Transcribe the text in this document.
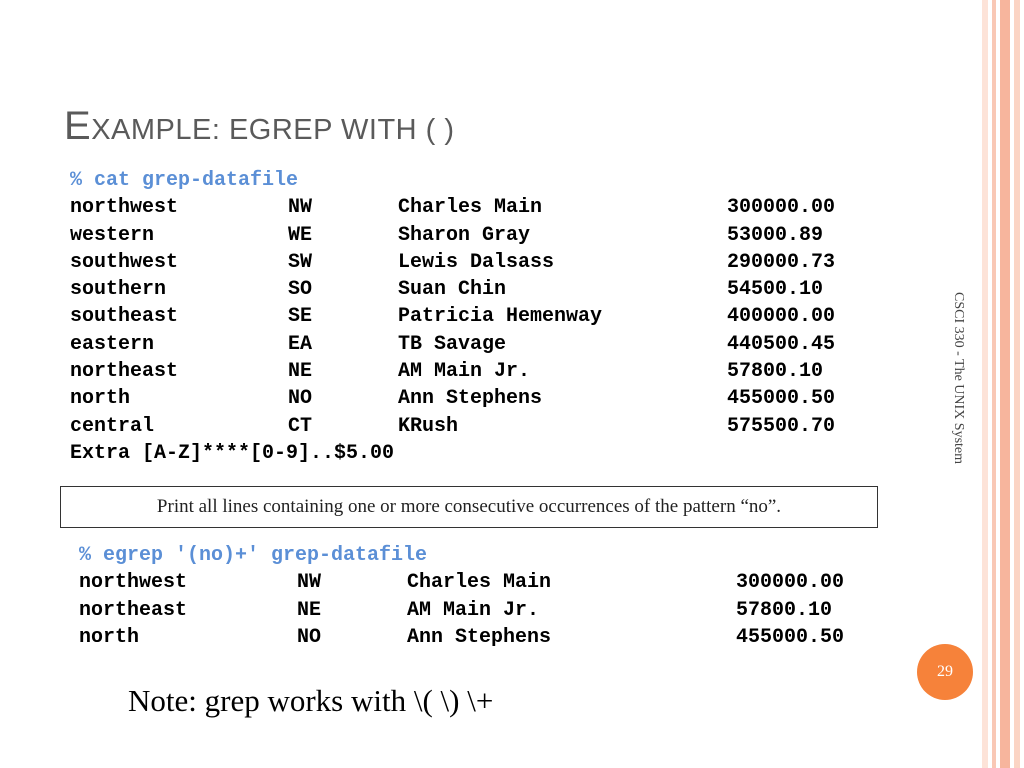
EXAMPLE: EGREP WITH ( )
% cat grep-datafile
northwest	NW	Charles Main	300000.00
western	WE	Sharon Gray	53000.89
southwest	SW	Lewis Dalsass	290000.73
southern	SO	Suan Chin	54500.10
southeast	SE	Patricia Hemenway	400000.00
eastern	EA	TB Savage	440500.45
northeast	NE	AM Main Jr.	57800.10
north	NO	Ann Stephens	455000.50
central	CT	KRush	575500.70
Extra [A-Z]****[0-9]..$5.00
Print all lines containing one or more consecutive occurrences of the pattern “no”.
% egrep '(no)+' grep-datafile
northwest	NW	Charles Main	300000.00
northeast	NE	AM Main Jr.	57800.10
north	NO	Ann Stephens	455000.50
Note: grep works with \( \) \+
CSCI 330 - The UNIX System
29
